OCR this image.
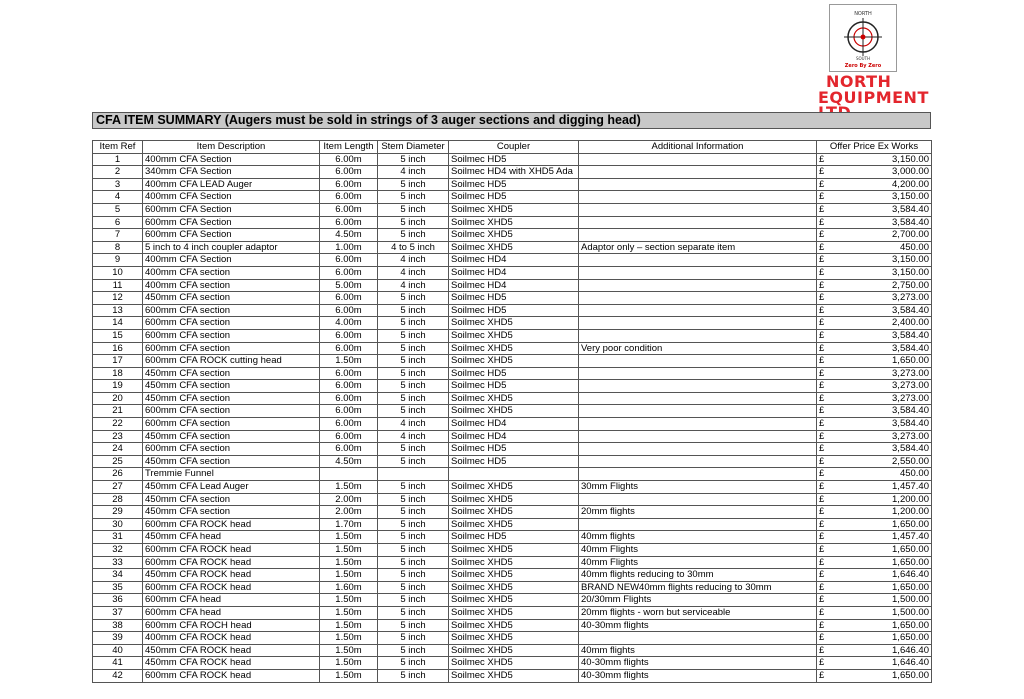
NORTH
SOUTH
Zero By Zero
NORTH
EQUIPMENT
CFA ITEM SUMMARY (Augers must be sold in strings of 3 auger sections and digging head)
Item Ref	Item Description	Item Length	Stem Diameter	Coupler	Additional Information	Offer Price Ex Works	
1	400mm CFA Section	6.00m	5 inch	Soilmec HD5		£	3,150.00
2	340mm CFA Section	6.00m	4 inch	Soilmec HD4 with XHD5 Ada		£	3,000.00
3	400mm CFA LEAD Auger	6.00m	5 inch	Soilmec HD5		£	4,200.00
4	400mm CFA Section	6.00m	5 inch	Soilmec HD5		£	3,150.00
5	600mm CFA Section	6.00m	5 inch	Soilmec XHD5		£	3,584.40
6	600mm CFA Section	6.00m	5 inch	Soilmec XHD5		£	3,584.40
7	600mm CFA Section	4.50m	5 inch	Soilmec XHD5		£	2,700.00
8	5 inch to 4 inch coupler adaptor	1.00m	4 to 5 inch	Soilmec XHD5	Adaptor only – section separate item	£	450.00
9	400mm CFA Section	6.00m	4 inch	Soilmec HD4		£	3,150.00
10	400mm CFA section	6.00m	4 inch	Soilmec HD4		£	3,150.00
11	400mm CFA section	5.00m	4 inch	Soilmec HD4		£	2,750.00
12	450mm CFA section	6.00m	5 inch	Soilmec HD5		£	3,273.00
13	600mm CFA section	6.00m	5 inch	Soilmec HD5		£	3,584.40
14	600mm CFA section	4.00m	5 inch	Soilmec XHD5		£	2,400.00
15	600mm CFA section	6.00m	5 inch	Soilmec XHD5		£	3,584.40
16	600mm CFA section	6.00m	5 inch	Soilmec XHD5	Very poor condition	£	3,584.40
17	600mm CFA ROCK cutting head	1.50m	5 inch	Soilmec XHD5		£	1,650.00
18	450mm CFA section	6.00m	5 inch	Soilmec HD5		£	3,273.00
19	450mm CFA section	6.00m	5 inch	Soilmec HD5		£	3,273.00
20	450mm CFA section	6.00m	5 inch	Soilmec XHD5		£	3,273.00
21	600mm CFA section	6.00m	5 inch	Soilmec XHD5		£	3,584.40
22	600mm CFA section	6.00m	4 inch	Soilmec HD4		£	3,584.40
23	450mm CFA section	6.00m	4 inch	Soilmec HD4		£	3,273.00
24	600mm CFA section	6.00m	5 inch	Soilmec HD5		£	3,584.40
25	450mm CFA section	4.50m	5 inch	Soilmec HD5		£	2,550.00
26	Tremmie Funnel					£	450.00
27	450mm CFA Lead Auger	1.50m	5 inch	Soilmec XHD5	30mm Flights	£	1,457.40
28	450mm CFA section	2.00m	5 inch	Soilmec XHD5		£	1,200.00
29	450mm CFA section	2.00m	5 inch	Soilmec XHD5	20mm flights	£	1,200.00
30	600mm CFA ROCK head	1.70m	5 inch	Soilmec XHD5		£	1,650.00
31	450mm CFA head	1.50m	5 inch	Soilmec HD5	40mm flights	£	1,457.40
32	600mm CFA ROCK head	1.50m	5 inch	Soilmec XHD5	40mm Flights	£	1,650.00
33	600mm CFA ROCK head	1.50m	5 inch	Soilmec XHD5	40mm Flights	£	1,650.00
34	450mm CFA ROCK head	1.50m	5 inch	Soilmec XHD5	40mm flights reducing to 30mm	£	1,646.40
35	600mm CFA ROCK head	1.60m	5 inch	Soilmec XHD5	BRAND NEW40mm flights reducing to 30mm	£	1,650.00
36	600mm CFA head	1.50m	5 inch	Soilmec XHD5	20/30mm Flights	£	1,500.00
37	600mm CFA head	1.50m	5 inch	Soilmec XHD5	20mm flights - worn but serviceable	£	1,500.00
38	600mm CFA ROCH head	1.50m	5 inch	Soilmec XHD5	40-30mm flights	£	1,650.00
39	400mm CFA ROCK head	1.50m	5 inch	Soilmec XHD5		£	1,650.00
40	450mm CFA ROCK head	1.50m	5 inch	Soilmec XHD5	40mm flights	£	1,646.40
41	450mm CFA ROCK head	1.50m	5 inch	Soilmec XHD5	40-30mm flights	£	1,646.40
42	600mm CFA ROCK head	1.50m	5 inch	Soilmec XHD5	40-30mm flights	£	1,650.00
